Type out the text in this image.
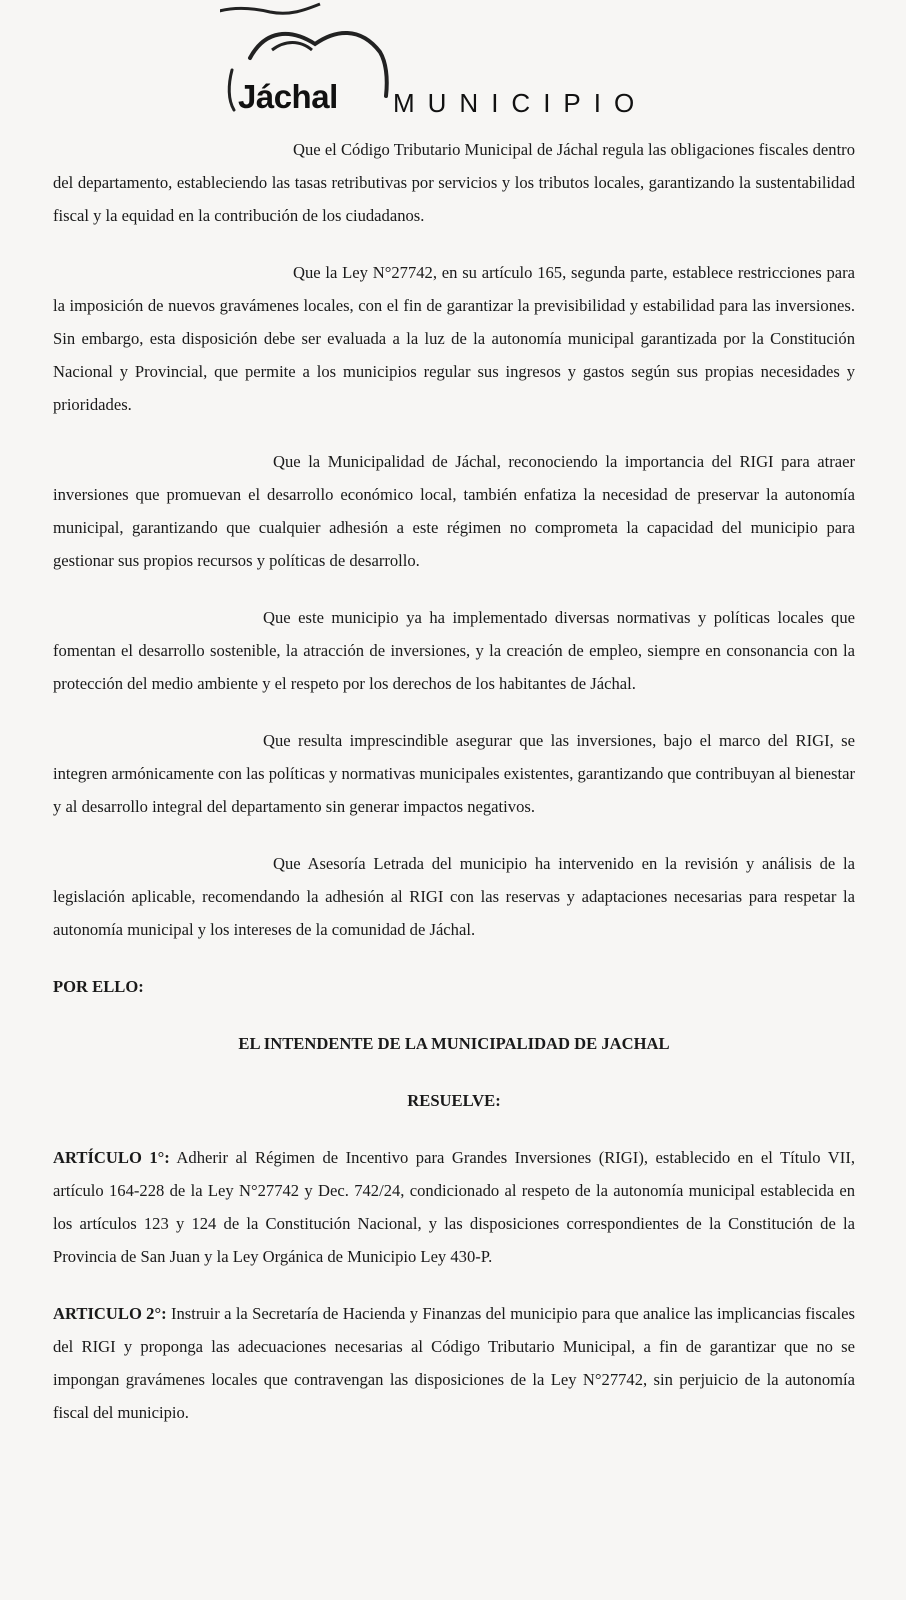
Jáchal MUNICIPIO

Que el Código Tributario Municipal de Jáchal regula las obligaciones fiscales dentro del departamento, estableciendo las tasas retributivas por servicios y los tributos locales, garantizando la sustentabilidad fiscal y la equidad en la contribución de los ciudadanos.

Que la Ley N°27742, en su artículo 165, segunda parte, establece restricciones para la imposición de nuevos gravámenes locales, con el fin de garantizar la previsibilidad y estabilidad para las inversiones. Sin embargo, esta disposición debe ser evaluada a la luz de la autonomía municipal garantizada por la Constitución Nacional y Provincial, que permite a los municipios regular sus ingresos y gastos según sus propias necesidades y prioridades.

Que la Municipalidad de Jáchal, reconociendo la importancia del RIGI para atraer inversiones que promuevan el desarrollo económico local, también enfatiza la necesidad de preservar la autonomía municipal, garantizando que cualquier adhesión a este régimen no comprometa la capacidad del municipio para gestionar sus propios recursos y políticas de desarrollo.

Que este municipio ya ha implementado diversas normativas y políticas locales que fomentan el desarrollo sostenible, la atracción de inversiones, y la creación de empleo, siempre en consonancia con la protección del medio ambiente y el respeto por los derechos de los habitantes de Jáchal.

Que resulta imprescindible asegurar que las inversiones, bajo el marco del RIGI, se integren armónicamente con las políticas y normativas municipales existentes, garantizando que contribuyan al bienestar y al desarrollo integral del departamento sin generar impactos negativos.

Que Asesoría Letrada del municipio ha intervenido en la revisión y análisis de la legislación aplicable, recomendando la adhesión al RIGI con las reservas y adaptaciones necesarias para respetar la autonomía municipal y los intereses de la comunidad de Jáchal.

POR ELLO:

EL INTENDENTE DE LA MUNICIPALIDAD DE JACHAL

RESUELVE:

ARTÍCULO 1°: Adherir al Régimen de Incentivo para Grandes Inversiones (RIGI), establecido en el Título VII, artículo 164-228 de la Ley N°27742 y Dec. 742/24, condicionado al respeto de la autonomía municipal establecida en los artículos 123 y 124 de la Constitución Nacional, y las disposiciones correspondientes de la Constitución de la Provincia de San Juan y la Ley Orgánica de Municipio Ley 430-P.

ARTICULO 2°: Instruir a la Secretaría de Hacienda y Finanzas del municipio para que analice las implicancias fiscales del RIGI y proponga las adecuaciones necesarias al Código Tributario Municipal, a fin de garantizar que no se impongan gravámenes locales que contravengan las disposiciones de la Ley N°27742, sin perjuicio de la autonomía fiscal del municipio.
